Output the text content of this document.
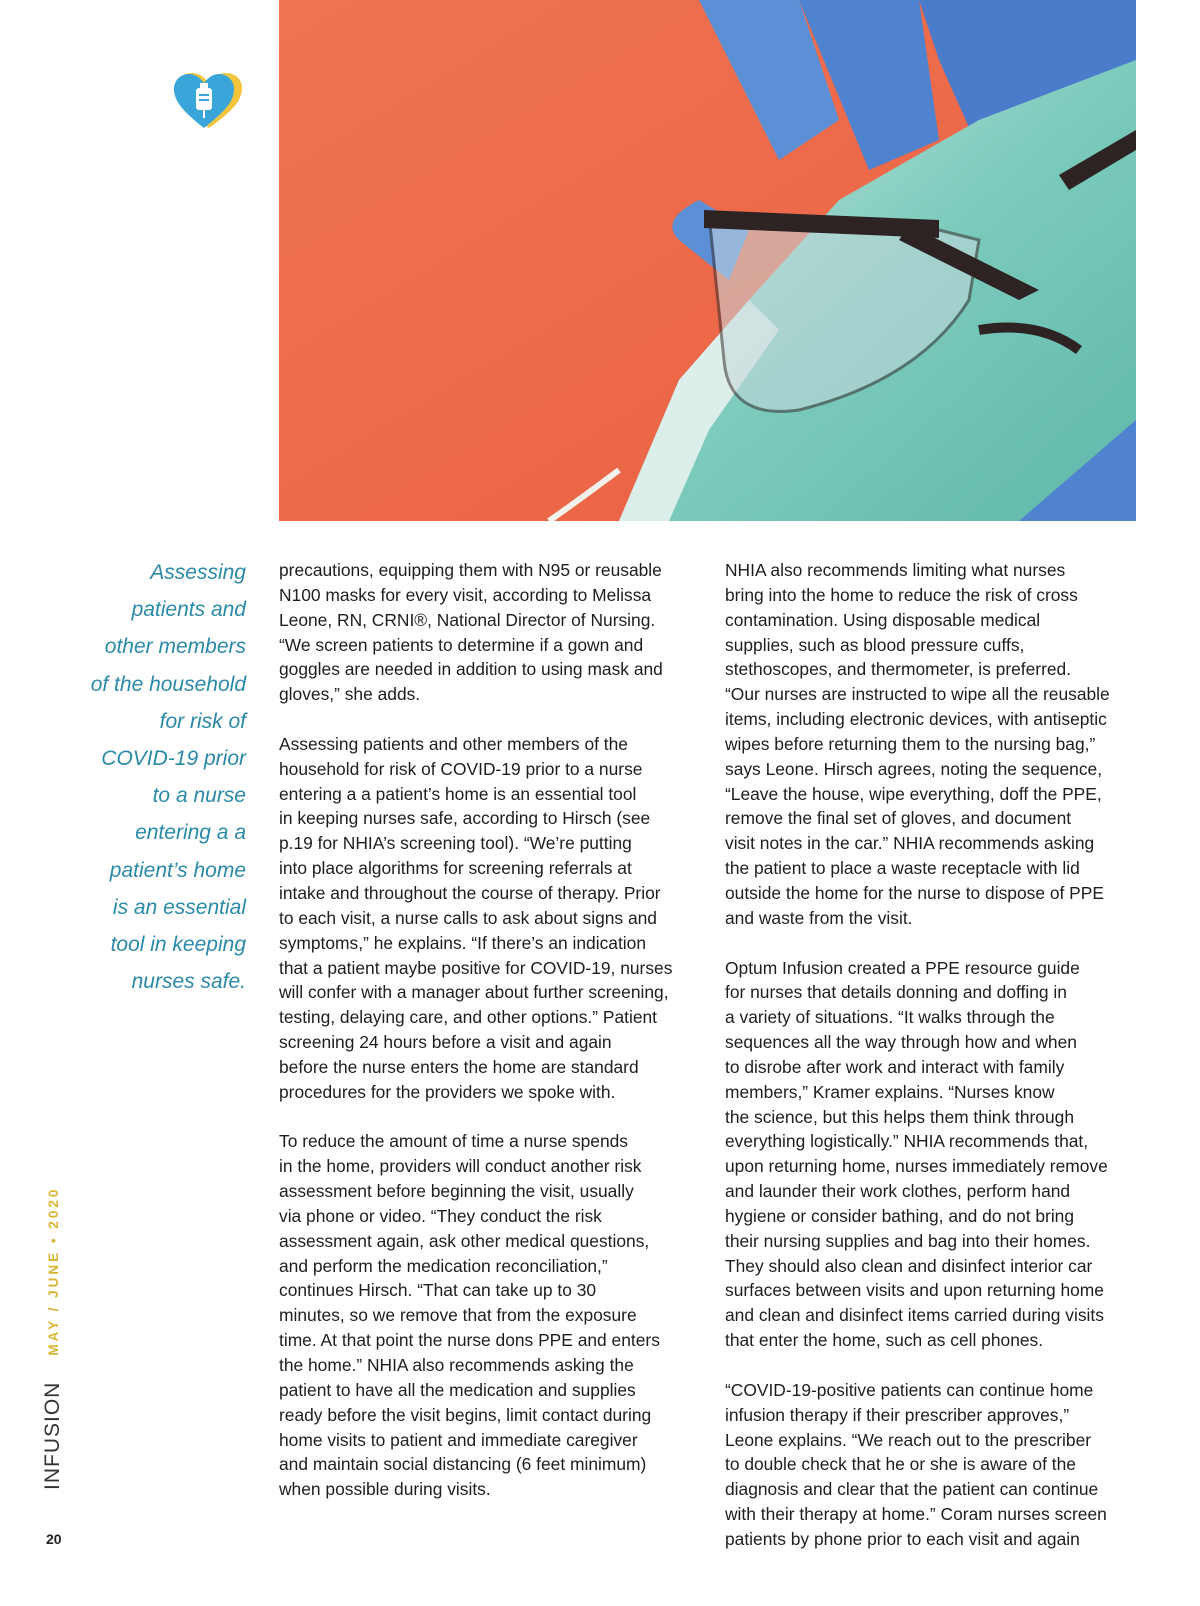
Assessing

patients and

other members

of the household

for risk of

COVID-19 prior

to a nurse

entering a a

patient’s home

is an essential

tool in keeping

nurses safe.

precautions, equipping them with N95 or reusable
N100 masks for every visit, according to Melissa
Leone, RN, CRNI®, National Director of Nursing.
“We screen patients to determine if a gown and
goggles are needed in addition to using mask and
gloves,” she adds.
Assessing patients and other members of the
household for risk of COVID-19 prior to a nurse
entering a a patient’s home is an essential tool
in keeping nurses safe, according to Hirsch (see
p.19 for NHIA’s screening tool). “We’re putting
into place algorithms for screening referrals at
intake and throughout the course of therapy. Prior
to each visit, a nurse calls to ask about signs and
symptoms,” he explains. “If there’s an indication
that a patient maybe positive for COVID-19, nurses
will confer with a manager about further screening,
testing, delaying care, and other options.” Patient
screening 24 hours before a visit and again
before the nurse enters the home are standard
procedures for the providers we spoke with.
To reduce the amount of time a nurse spends
in the home, providers will conduct another risk
assessment before beginning the visit, usually
via phone or video. “They conduct the risk
assessment again, ask other medical questions,
and perform the medication reconciliation,”
continues Hirsch. “That can take up to 30
minutes, so we remove that from the exposure
time. At that point the nurse dons PPE and enters
the home.” NHIA also recommends asking the
patient to have all the medication and supplies
ready before the visit begins, limit contact during
home visits to patient and immediate caregiver
and maintain social distancing (6 feet minimum)
when possible during visits.
NHIA also recommends limiting what nurses
bring into the home to reduce the risk of cross
contamination. Using disposable medical
supplies, such as blood pressure cuffs,
stethoscopes, and thermometer, is preferred.
“Our nurses are instructed to wipe all the reusable
items, including electronic devices, with antiseptic
wipes before returning them to the nursing bag,”
says Leone. Hirsch agrees, noting the sequence,
“Leave the house, wipe everything, doff the PPE,
remove the final set of gloves, and document
visit notes in the car.” NHIA recommends asking
the patient to place a waste receptacle with lid
outside the home for the nurse to dispose of PPE
and waste from the visit.
Optum Infusion created a PPE resource guide
for nurses that details donning and doffing in
a variety of situations. “It walks through the
sequences all the way through how and when
to disrobe after work and interact with family
members,” Kramer explains. “Nurses know
the science, but this helps them think through
everything logistically.” NHIA recommends that,
upon returning home, nurses immediately remove
and launder their work clothes, perform hand
hygiene or consider bathing, and do not bring
their nursing supplies and bag into their homes.
They should also clean and disinfect interior car
surfaces between visits and upon returning home
and clean and disinfect items carried during visits
that enter the home, such as cell phones.
“COVID-19-positive patients can continue home
infusion therapy if their prescriber approves,”
Leone explains. “We reach out to the prescriber
to double check that he or she is aware of the
diagnosis and clear that the patient can continue
with their therapy at home.” Coram nurses screen
patients by phone prior to each visit and again
INFUSION
MAY / JUNE • 2020
20
